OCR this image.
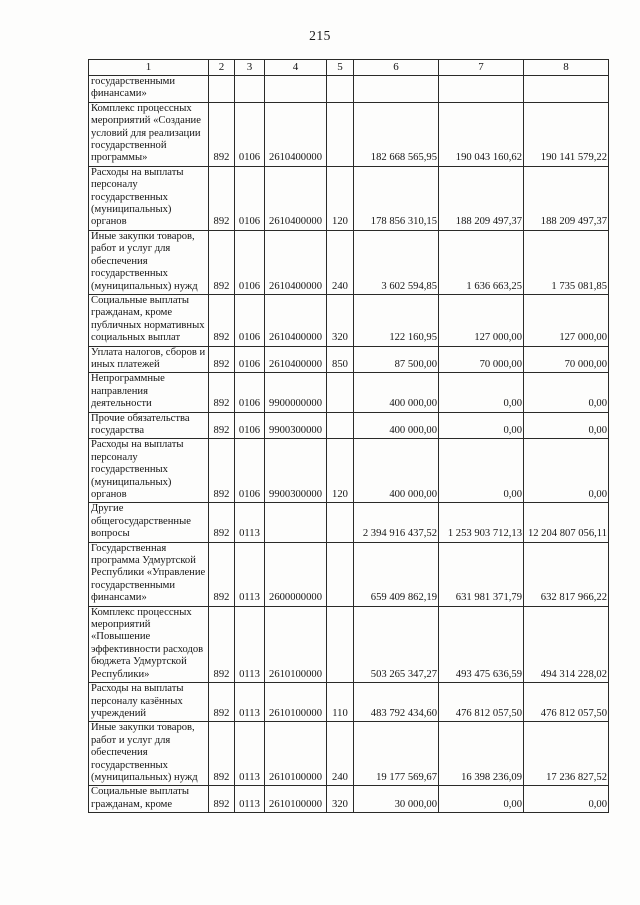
215
1	2	3	4	5	6	7	8
государственными финансами»							
Комплекс процессных мероприятий «Создание условий для реализации государственной программы»	892	0106	2610400000		182 668 565,95	190 043 160,62	190 141 579,22
Расходы на выплаты персоналу государственных (муниципальных) органов	892	0106	2610400000	120	178 856 310,15	188 209 497,37	188 209 497,37
Иные закупки товаров, работ и услуг для обеспечения государственных (муниципальных) нужд	892	0106	2610400000	240	3 602 594,85	1 636 663,25	1 735 081,85
Социальные выплаты гражданам, кроме публичных нормативных социальных выплат	892	0106	2610400000	320	122 160,95	127 000,00	127 000,00
Уплата налогов, сборов и иных платежей	892	0106	2610400000	850	87 500,00	70 000,00	70 000,00
Непрограммные направления деятельности	892	0106	9900000000		400 000,00	0,00	0,00
Прочие обязательства государства	892	0106	9900300000		400 000,00	0,00	0,00
Расходы на выплаты персоналу государственных (муниципальных) органов	892	0106	9900300000	120	400 000,00	0,00	0,00
Другие общегосударственные вопросы	892	0113			2 394 916 437,52	1 253 903 712,13	12 204 807 056,11
Государственная программа Удмуртской Республики «Управление государственными финансами»	892	0113	2600000000		659 409 862,19	631 981 371,79	632 817 966,22
Комплекс процессных мероприятий «Повышение эффективности расходов бюджета Удмуртской Республики»	892	0113	2610100000		503 265 347,27	493 475 636,59	494 314 228,02
Расходы на выплаты персоналу казённых учреждений	892	0113	2610100000	110	483 792 434,60	476 812 057,50	476 812 057,50
Иные закупки товаров, работ и услуг для обеспечения государственных (муниципальных) нужд	892	0113	2610100000	240	19 177 569,67	16 398 236,09	17 236 827,52
Социальные выплаты гражданам, кроме	892	0113	2610100000	320	30 000,00	0,00	0,00
